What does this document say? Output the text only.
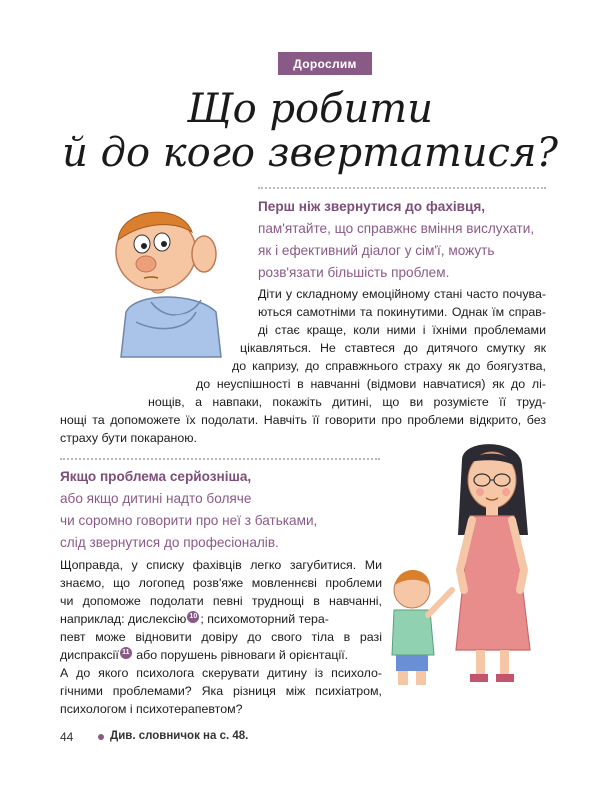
Дорослим
Що робити
й до кого звертатися?

Перш ніж звернутися до фахівця,
пам'ятайте, що справжнє вміння вислухати,
як і ефективний діалог у сім'ї, можуть
розв'язати більшість проблем.

Діти у складному емоційному стані часто почува-
ються самотніми та покинутими. Однак їм справ-
ді стає краще, коли ними і їхніми проблемами
цікавляться. Не ставтеся до дитячого смутку як
до капризу, до справжнього страху як до боягузтва,
до неуспішності в навчанні (відмови навчатися) як до лі-
нощів, а навпаки, покажіть дитині, що ви розумієте її труд-
нощі та допоможете їх подолати. Навчіть її говорити про проблеми відкрито, без
страху бути покараною.

Якщо проблема серйозніша,
або якщо дитині надто боляче
чи соромно говорити про неї з батьками,
слід звернутися до професіоналів.

Щоправда, у списку фахівців легко загубитися. Ми
знаємо, що логопед розв'яже мовленнєві проблеми
чи допоможе подолати певні труднощі в навчанні,
наприклад: дислексію 10 ; психомоторний тера-
певт може відновити довіру до свого тіла в разі
диспраксії 11 або порушень рівноваги й орієнтації.
А до якого психолога скерувати дитину із психоло-
гічними проблемами? Яка різниця між психіатром,
психологом і психотерапевтом?
44	Див. словничок на с. 48.
